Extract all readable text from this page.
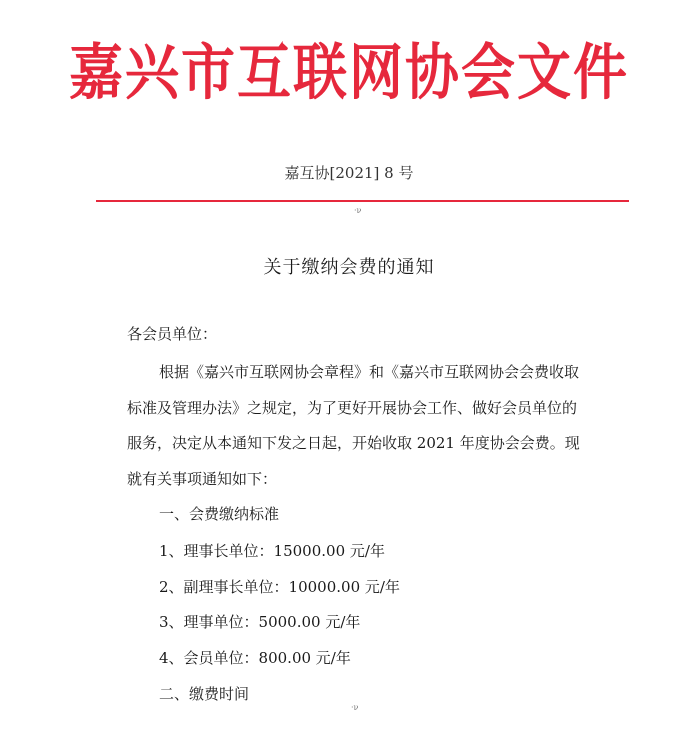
嘉兴市互联网协会文件
嘉互协[2021] 8 号
·ν
关于缴纳会费的通知
各会员单位：
根据《嘉兴市互联网协会章程》和《嘉兴市互联网协会会费收取
标准及管理办法》之规定，为了更好开展协会工作、做好会员单位的
服务，决定从本通知下发之日起，开始收取 2021 年度协会会费。现
就有关事项通知如下：
一、会费缴纳标准
1、理事长单位：15000.00 元/年
2、副理事长单位：10000.00 元/年
3、理事单位：5000.00 元/年
4、会员单位：800.00 元/年
二、缴费时间
·ν
